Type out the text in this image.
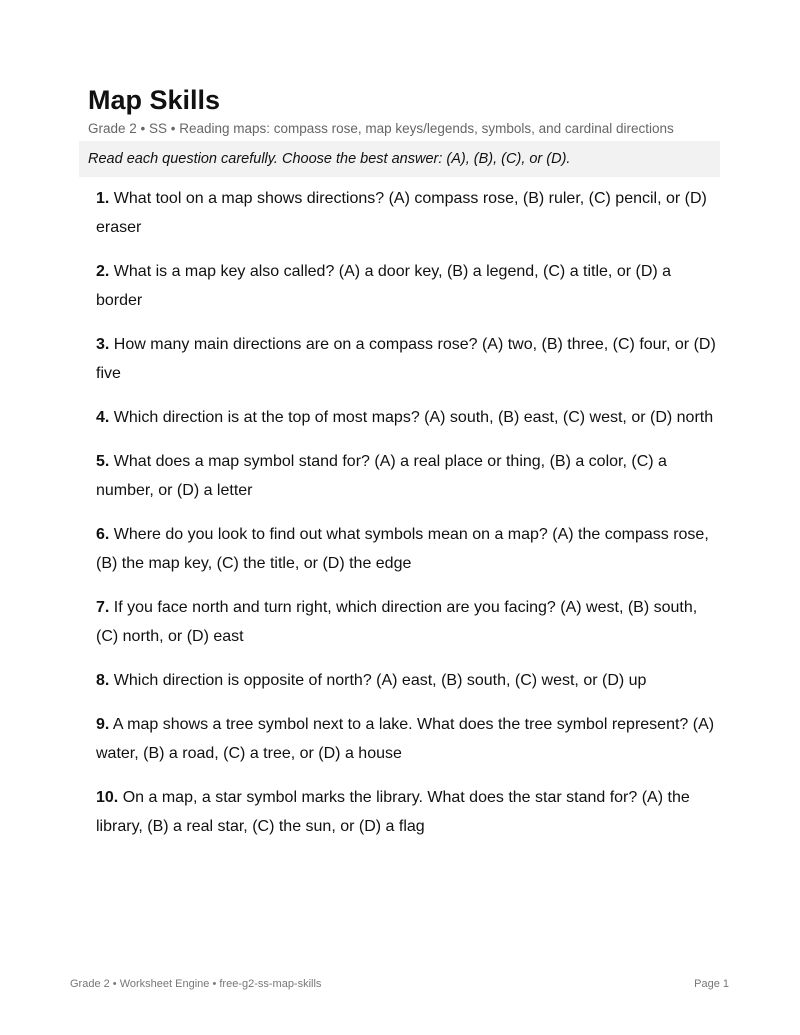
Map Skills
Grade 2 • SS • Reading maps: compass rose, map keys/legends, symbols, and cardinal directions
Read each question carefully. Choose the best answer: (A), (B), (C), or (D).
1. What tool on a map shows directions? (A) compass rose, (B) ruler, (C) pencil, or (D) eraser
2. What is a map key also called? (A) a door key, (B) a legend, (C) a title, or (D) a border
3. How many main directions are on a compass rose? (A) two, (B) three, (C) four, or (D) five
4. Which direction is at the top of most maps? (A) south, (B) east, (C) west, or (D) north
5. What does a map symbol stand for? (A) a real place or thing, (B) a color, (C) a number, or (D) a letter
6. Where do you look to find out what symbols mean on a map? (A) the compass rose, (B) the map key, (C) the title, or (D) the edge
7. If you face north and turn right, which direction are you facing? (A) west, (B) south, (C) north, or (D) east
8. Which direction is opposite of north? (A) east, (B) south, (C) west, or (D) up
9. A map shows a tree symbol next to a lake. What does the tree symbol represent? (A) water, (B) a road, (C) a tree, or (D) a house
10. On a map, a star symbol marks the library. What does the star stand for? (A) the library, (B) a real star, (C) the sun, or (D) a flag
Grade 2 • Worksheet Engine • free-g2-ss-map-skills	Page 1
